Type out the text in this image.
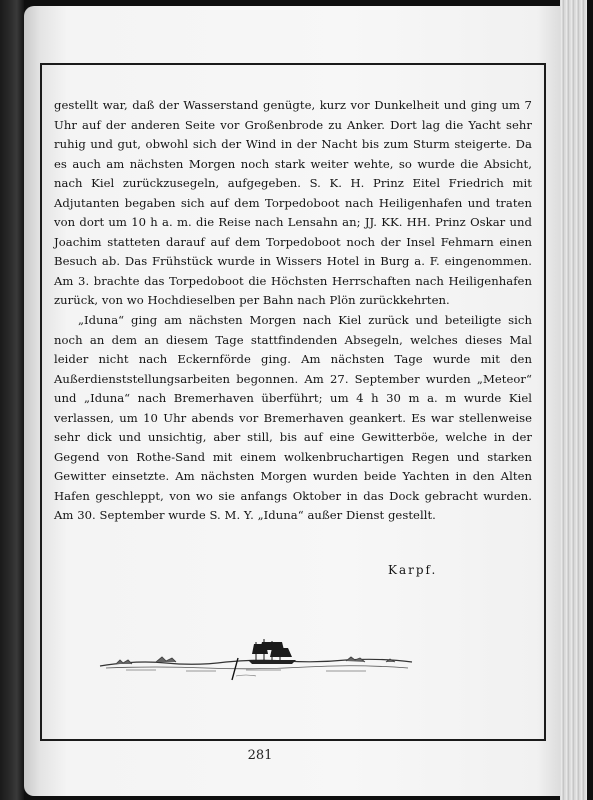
gestellt war, daß der Wasserstand genügte, kurz vor Dunkelheit und ging um 7 Uhr auf der anderen Seite vor Großenbrode zu Anker. Dort lag die Yacht sehr ruhig und gut, obwohl sich der Wind in der Nacht bis zum Sturm steigerte. Da es auch am nächsten Morgen noch stark weiter wehte, so wurde die Absicht, nach Kiel zurückzusegeln, aufgegeben. S. K. H. Prinz Eitel Friedrich mit Adjutanten begaben sich auf dem Torpedoboot nach Heiligenhafen und traten von dort um 10 h a. m. die Reise nach Lensahn an; JJ. KK. HH. Prinz Oskar und Joachim statteten darauf auf dem Torpedoboot noch der Insel Fehmarn einen Besuch ab. Das Frühstück wurde in Wissers Hotel in Burg a. F. eingenommen. Am 3. brachte das Torpedoboot die Höchsten Herrschaften nach Heiligenhafen zurück, von wo Hochdieselben per Bahn nach Plön zurückkehrten.

„Iduna“ ging am nächsten Morgen nach Kiel zurück und beteiligte sich noch an dem an diesem Tage stattfindenden Absegeln, welches dieses Mal leider nicht nach Eckernförde ging. Am nächsten Tage wurde mit den Außerdienststellungsarbeiten begonnen. Am 27. September wurden „Meteor“ und „Iduna“ nach Bremerhaven überführt; um 4 h 30 m a. m wurde Kiel verlassen, um 10 Uhr abends vor Bremerhaven geankert. Es war stellenweise sehr dick und unsichtig, aber still, bis auf eine Gewitterböe, welche in der Gegend von Rothe-Sand mit einem wolkenbruchartigen Regen und starken Gewitter einsetzte. Am nächsten Morgen wurden beide Yachten in den Alten Hafen geschleppt, von wo sie anfangs Oktober in das Dock gebracht wurden. Am 30. September wurde S. M. Y. „Iduna“ außer Dienst gestellt.

Karpf.
281
